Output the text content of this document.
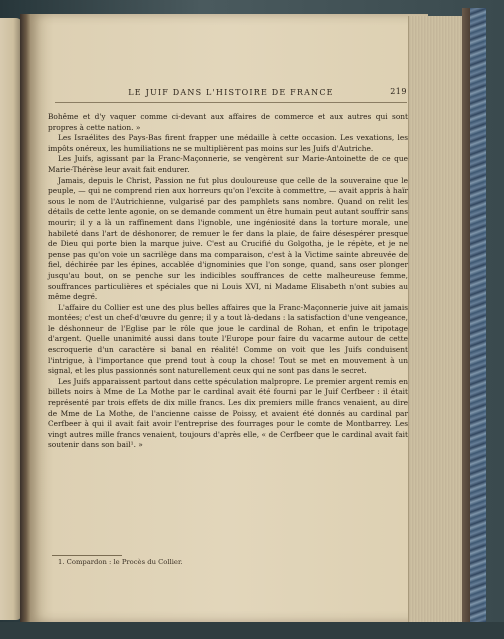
LE JUIF DANS L'HISTOIRE DE FRANCE	219

Bohême et d'y vaquer comme ci-devant aux affaires de commerce et aux autres qui sont propres à cette nation. »

Les Israélites des Pays-Bas firent frapper une médaille à cette occasion. Les vexations, les impôts onéreux, les humiliations ne se multiplièrent pas moins sur les Juifs d'Autriche.

Les Juifs, agissant par la Franc-Maçonnerie, se vengèrent sur Marie-Antoinette de ce que Marie-Thérèse leur avait fait endurer.

Jamais, depuis le Christ, Passion ne fut plus douloureuse que celle de la souveraine que le peuple, — qui ne comprend rien aux horreurs qu'on l'excite à commettre, — avait appris à haïr sous le nom de l'Autrichienne, vulgarisé par des pamphlets sans nombre. Quand on relit les détails de cette lente agonie, on se demande comment un être humain peut autant souffrir sans mourir; il y a là un raffinement dans l'ignoble, une ingéniosité dans la torture morale, une habileté dans l'art de déshonorer, de remuer le fer dans la plaie, de faire désespérer presque de Dieu qui porte bien la marque juive. C'est au Crucifié du Golgotha, je le répète, et je ne pense pas qu'on voie un sacrilège dans ma comparaison, c'est à la Victime sainte abreuvée de fiel, déchirée par les épines, accablée d'ignominies que l'on songe, quand, sans oser plonger jusqu'au bout, on se penche sur les indicibles souffrances de cette malheureuse femme, souffrances particulières et spéciales que ni Louis XVI, ni Madame Elisabeth n'ont subies au même degré.

L'affaire du Collier est une des plus belles affaires que la Franc-Maçonnerie juive ait jamais montées; c'est un chef-d'œuvre du genre; il y a tout là-dedans : la satisfaction d'une vengeance, le déshonneur de l'Eglise par le rôle que joue le cardinal de Rohan, et enfin le tripotage d'argent. Quelle unanimité aussi dans toute l'Europe pour faire du vacarme autour de cette escroquerie d'un caractère si banal en réalité! Comme on voit que les Juifs conduisent l'intrigue, à l'importance que prend tout à coup la chose! Tout se met en mouvement à un signal, et les plus passionnés sont naturellement ceux qui ne sont pas dans le secret.

Les Juifs apparaissent partout dans cette spéculation malpropre. Le premier argent remis en billets noirs à Mme de La Mothe par le cardinal avait été fourni par le Juif Cerfbeer : il était représenté par trois effets de dix mille francs. Les dix premiers mille francs venaient, au dire de Mme de La Mothe, de l'ancienne caisse de Poissy, et avaient été donnés au cardinal par Cerfbeer à qui il avait fait avoir l'entreprise des fourrages pour le comte de Montbarrey. Les vingt autres mille francs venaient, toujours d'après elle, « de Cerfbeer que le cardinal avait fait soutenir dans son bail¹. »

1. Compardon : le Procès du Collier.
